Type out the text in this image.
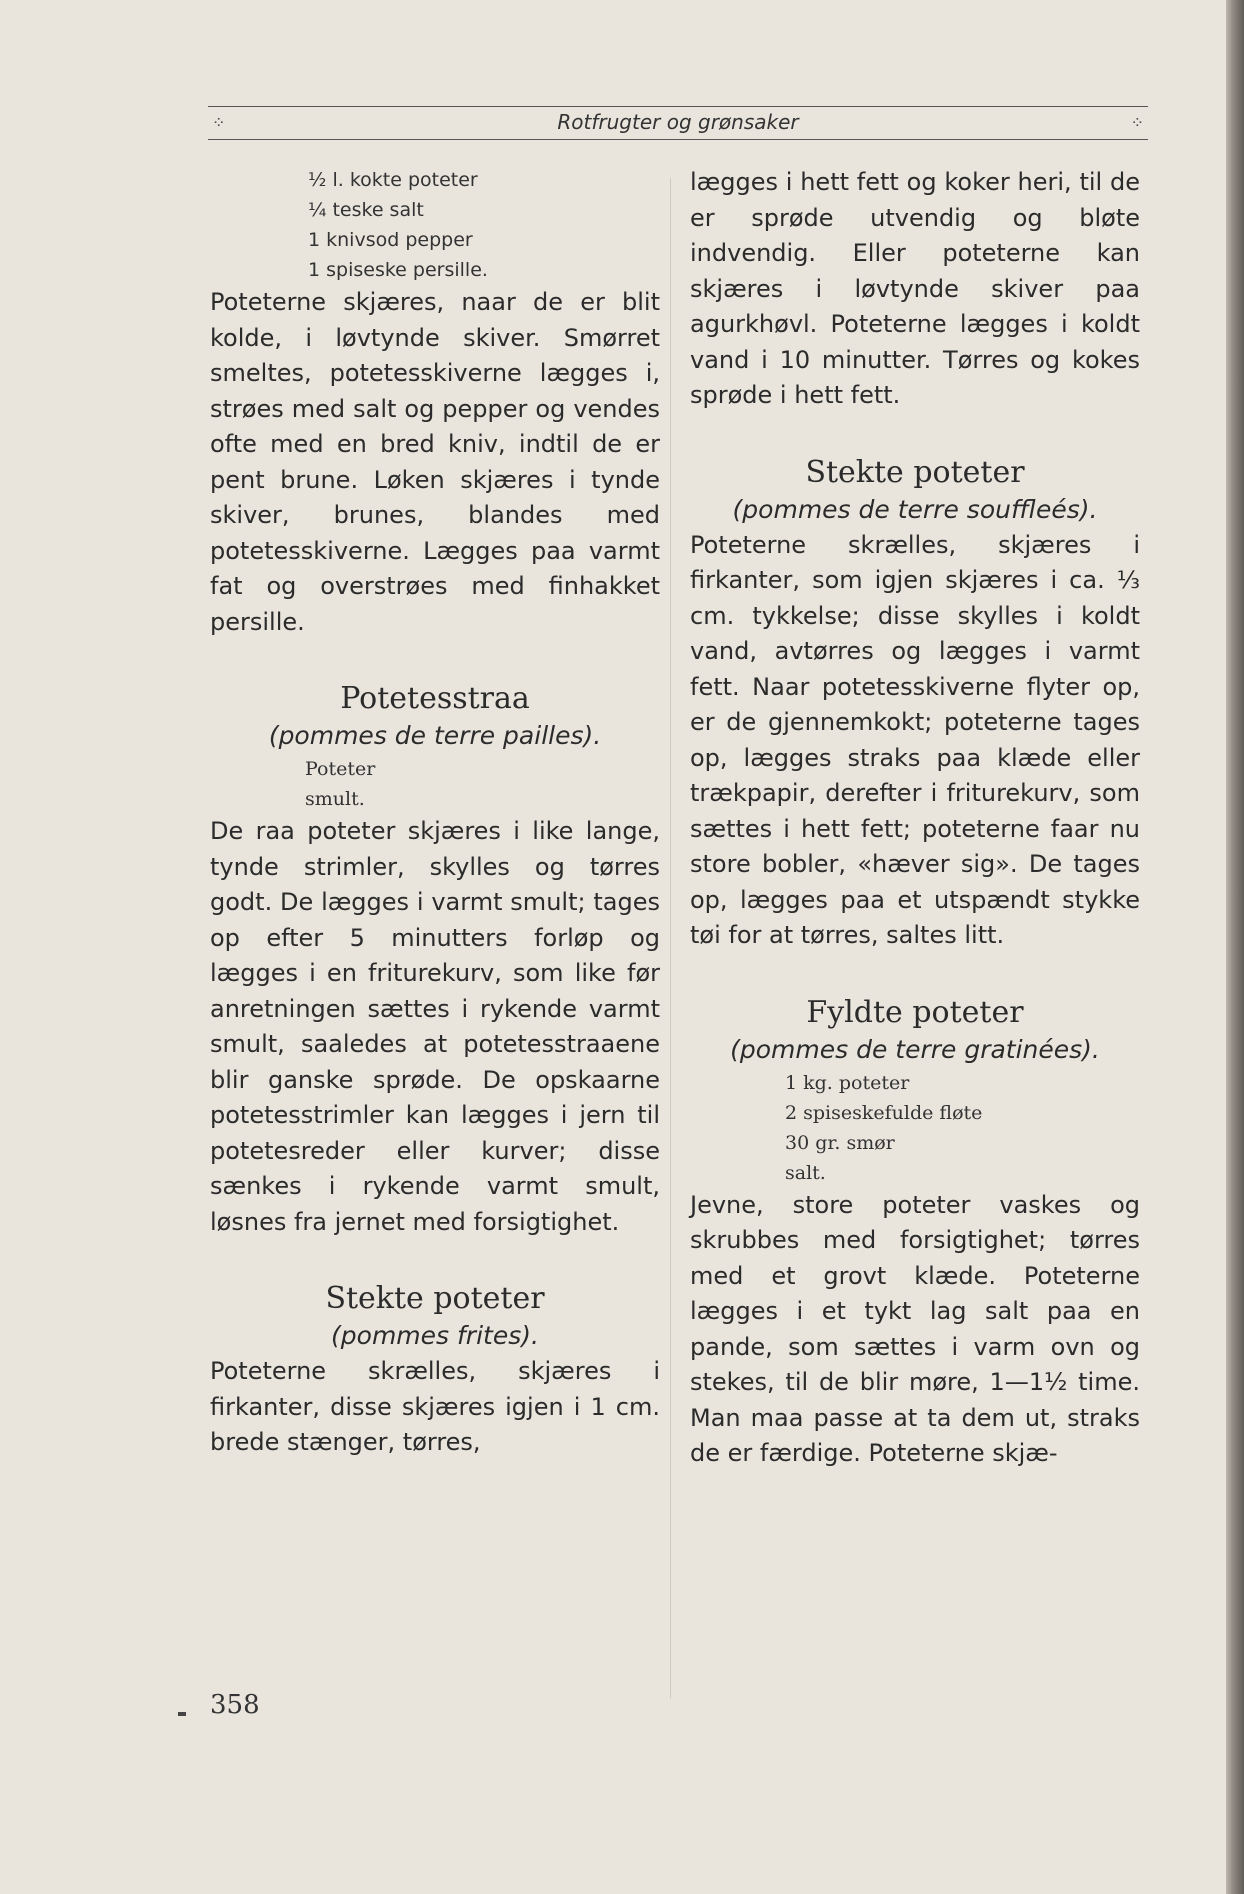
⁘	Rotfrugter og grønsaker	⁘
½ l. kokte poteter
¼ teske salt
1 knivsod pepper
1 spiseske persille.

Poteterne skjæres, naar de er blit kolde, i løvtynde skiver. Smørret smeltes, potetesskiverne lægges i, strøes med salt og pepper og vendes ofte med en bred kniv, indtil de er pent brune. Løken skjæres i tynde skiver, brunes, blandes med potetesskiverne. Lægges paa varmt fat og overstrøes med finhakket persille.

Potetesstraa

(pommes de terre pailles).

Poteter
smult.

De raa poteter skjæres i like lange, tynde strimler, skylles og tørres godt. De lægges i varmt smult; tages op efter 5 minutters forløp og lægges i en friturekurv, som like før anretningen sættes i rykende varmt smult, saaledes at potetesstraaene blir ganske sprøde. De opskaarne potetesstrimler kan lægges i jern til potetesreder eller kurver; disse sænkes i rykende varmt smult, løsnes fra jernet med forsigtighet.

Stekte poteter

(pommes frites).

Poteterne skrælles, skjæres i firkanter, disse skjæres igjen i 1 cm. brede stænger, tørres,

lægges i hett fett og koker heri, til de er sprøde utvendig og bløte indvendig. Eller poteterne kan skjæres i løvtynde skiver paa agurkhøvl. Poteterne lægges i koldt vand i 10 minutter. Tørres og kokes sprøde i hett fett.

Stekte poteter

(pommes de terre souffleés).

Poteterne skrælles, skjæres i firkanter, som igjen skjæres i ca. ⅓ cm. tykkelse; disse skylles i koldt vand, avtørres og lægges i varmt fett. Naar potetesskiverne flyter op, er de gjennemkokt; poteterne tages op, lægges straks paa klæde eller trækpapir, derefter i friturekurv, som sættes i hett fett; poteterne faar nu store bobler, «hæver sig». De tages op, lægges paa et utspændt stykke tøi for at tørres, saltes litt.

Fyldte poteter

(pommes de terre gratinées).

1 kg. poteter
2 spiseskefulde fløte
30 gr. smør
salt.

Jevne, store poteter vaskes og skrubbes med forsigtighet; tørres med et grovt klæde. Poteterne lægges i et tykt lag salt paa en pande, som sættes i varm ovn og stekes, til de blir møre, 1—1½ time. Man maa passe at ta dem ut, straks de er færdige. Poteterne skjæ-

358
